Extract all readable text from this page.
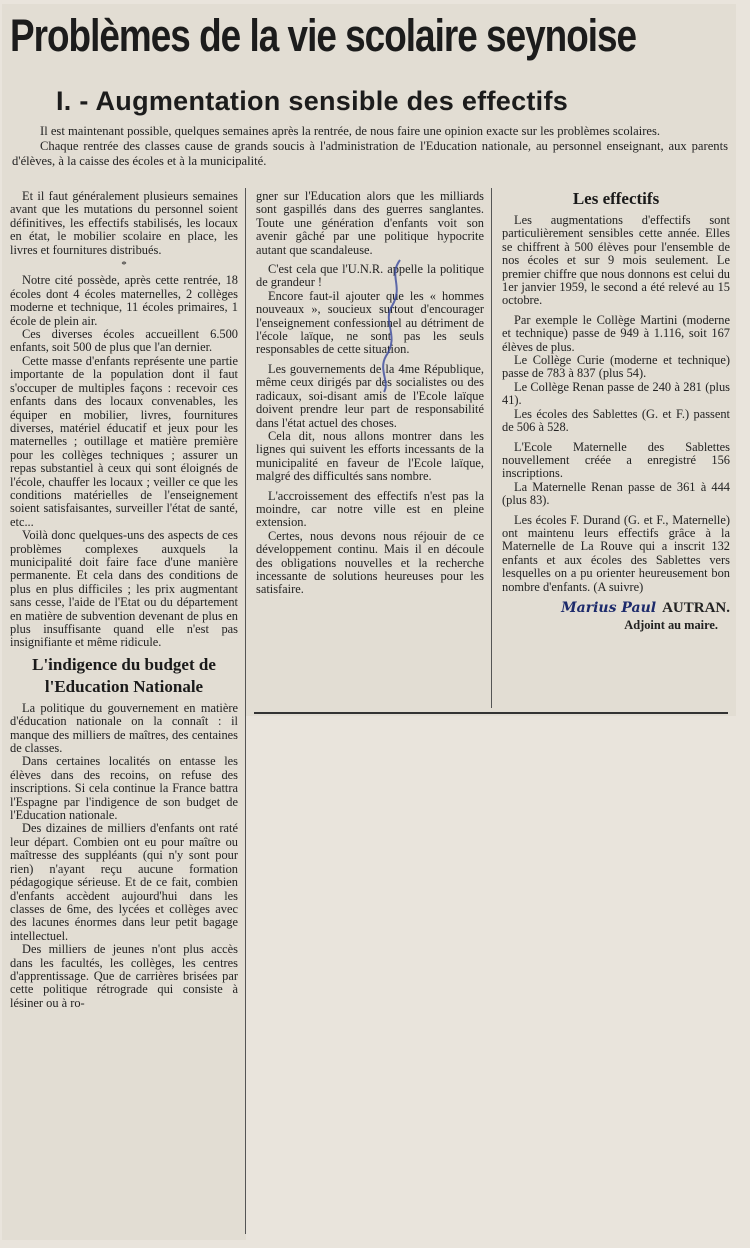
Problèmes de la vie scolaire seynoise
I. - Augmentation sensible des effectifs

Il est maintenant possible, quelques semaines après la rentrée, de nous faire une opinion exacte sur les problèmes scolaires.

Chaque rentrée des classes cause de grands soucis à l'administration de l'Education nationale, au personnel enseignant, aux parents d'élèves, à la caisse des écoles et à la municipalité.

Et il faut généralement plusieurs semaines avant que les mutations du personnel soient définitives, les effectifs stabilisés, les locaux en état, le mobilier scolaire en place, les livres et fournitures distribués.

*

Notre cité possède, après cette rentrée, 18 écoles dont 4 écoles maternelles, 2 collèges moderne et technique, 11 écoles primaires, 1 école de plein air.

Ces diverses écoles accueillent 6.500 enfants, soit 500 de plus que l'an dernier.

Cette masse d'enfants représente une partie importante de la population dont il faut s'occuper de multiples façons : recevoir ces enfants dans des locaux convenables, les équiper en mobilier, livres, fournitures diverses, matériel éducatif et jeux pour les maternelles ; outillage et matière première pour les collèges techniques ; assurer un repas substantiel à ceux qui sont éloignés de l'école, chauffer les locaux ; veiller ce que les conditions matérielles de l'enseignement soient satisfaisantes, surveiller l'état de santé, etc...

Voilà donc quelques-uns des aspects de ces problèmes complexes auxquels la municipalité doit faire face d'une manière permanente. Et cela dans des conditions de plus en plus difficiles ; les prix augmentant sans cesse, l'aide de l'Etat ou du département en matière de subvention devenant de plus en plus insuffisante quand elle n'est pas insignifiante et même ridicule.

L'indigence du budget de l'Education Nationale

La politique du gouvernement en matière d'éducation nationale on la connaît : il manque des milliers de maîtres, des centaines de classes.

Dans certaines localités on entasse les élèves dans des recoins, on refuse des inscriptions. Si cela continue la France battra l'Espagne par l'indigence de son budget de l'Education nationale.

Des dizaines de milliers d'enfants ont raté leur départ. Combien ont eu pour maître ou maîtresse des suppléants (qui n'y sont pour rien) n'ayant reçu aucune formation pédagogique sérieuse. Et de ce fait, combien d'enfants accèdent aujourd'hui dans les classes de 6me, des lycées et collèges avec des lacunes énormes dans leur petit bagage intellectuel.

Des milliers de jeunes n'ont plus accès dans les facultés, les collèges, les centres d'apprentissage. Que de carrières brisées par cette politique rétrograde qui consiste à lésiner ou à ro-

gner sur l'Education alors que les milliards sont gaspillés dans des guerres sanglantes. Toute une génération d'enfants voit son avenir gâché par une politique hypocrite autant que scandaleuse.

C'est cela que l'U.N.R. appelle la politique de grandeur !

Encore faut-il ajouter que les « hommes nouveaux », soucieux surtout d'encourager l'enseignement confessionnel au détriment de l'école laïque, ne sont pas les seuls responsables de cette situation.

Les gouvernements de la 4me République, même ceux dirigés par des socialistes ou des radicaux, soi-disant amis de l'Ecole laïque doivent prendre leur part de responsabilité dans l'état actuel des choses.

Cela dit, nous allons montrer dans les lignes qui suivent les efforts incessants de la municipalité en faveur de l'Ecole laïque, malgré des difficultés sans nombre.

L'accroissement des effectifs n'est pas la moindre, car notre ville est en pleine extension.

Certes, nous devons nous réjouir de ce développement continu. Mais il en découle des obligations nouvelles et la recherche incessante de solutions heureuses pour les satisfaire.

Les effectifs

Les augmentations d'effectifs sont particulièrement sensibles cette année. Elles se chiffrent à 500 élèves pour l'ensemble de nos écoles et sur 9 mois seulement. Le premier chiffre que nous donnons est celui du 1er janvier 1959, le second a été relevé au 15 octobre.

Par exemple le Collège Martini (moderne et technique) passe de 949 à 1.116, soit 167 élèves de plus.

Le Collège Curie (moderne et technique) passe de 783 à 837 (plus 54).

Le Collège Renan passe de 240 à 281 (plus 41).

Les écoles des Sablettes (G. et F.) passent de 506 à 528.

L'Ecole Maternelle des Sablettes nouvellement créée a enregistré 156 inscriptions.

La Maternelle Renan passe de 361 à 444 (plus 83).

Les écoles F. Durand (G. et F., Maternelle) ont maintenu leurs effectifs grâce à la Maternelle de La Rouve qui a inscrit 132 enfants et aux écoles des Sablettes vers lesquelles on a pu orienter heureusement bon nombre d'enfants. (A suivre)

Marius Paul AUTRAN.

Adjoint au maire.
